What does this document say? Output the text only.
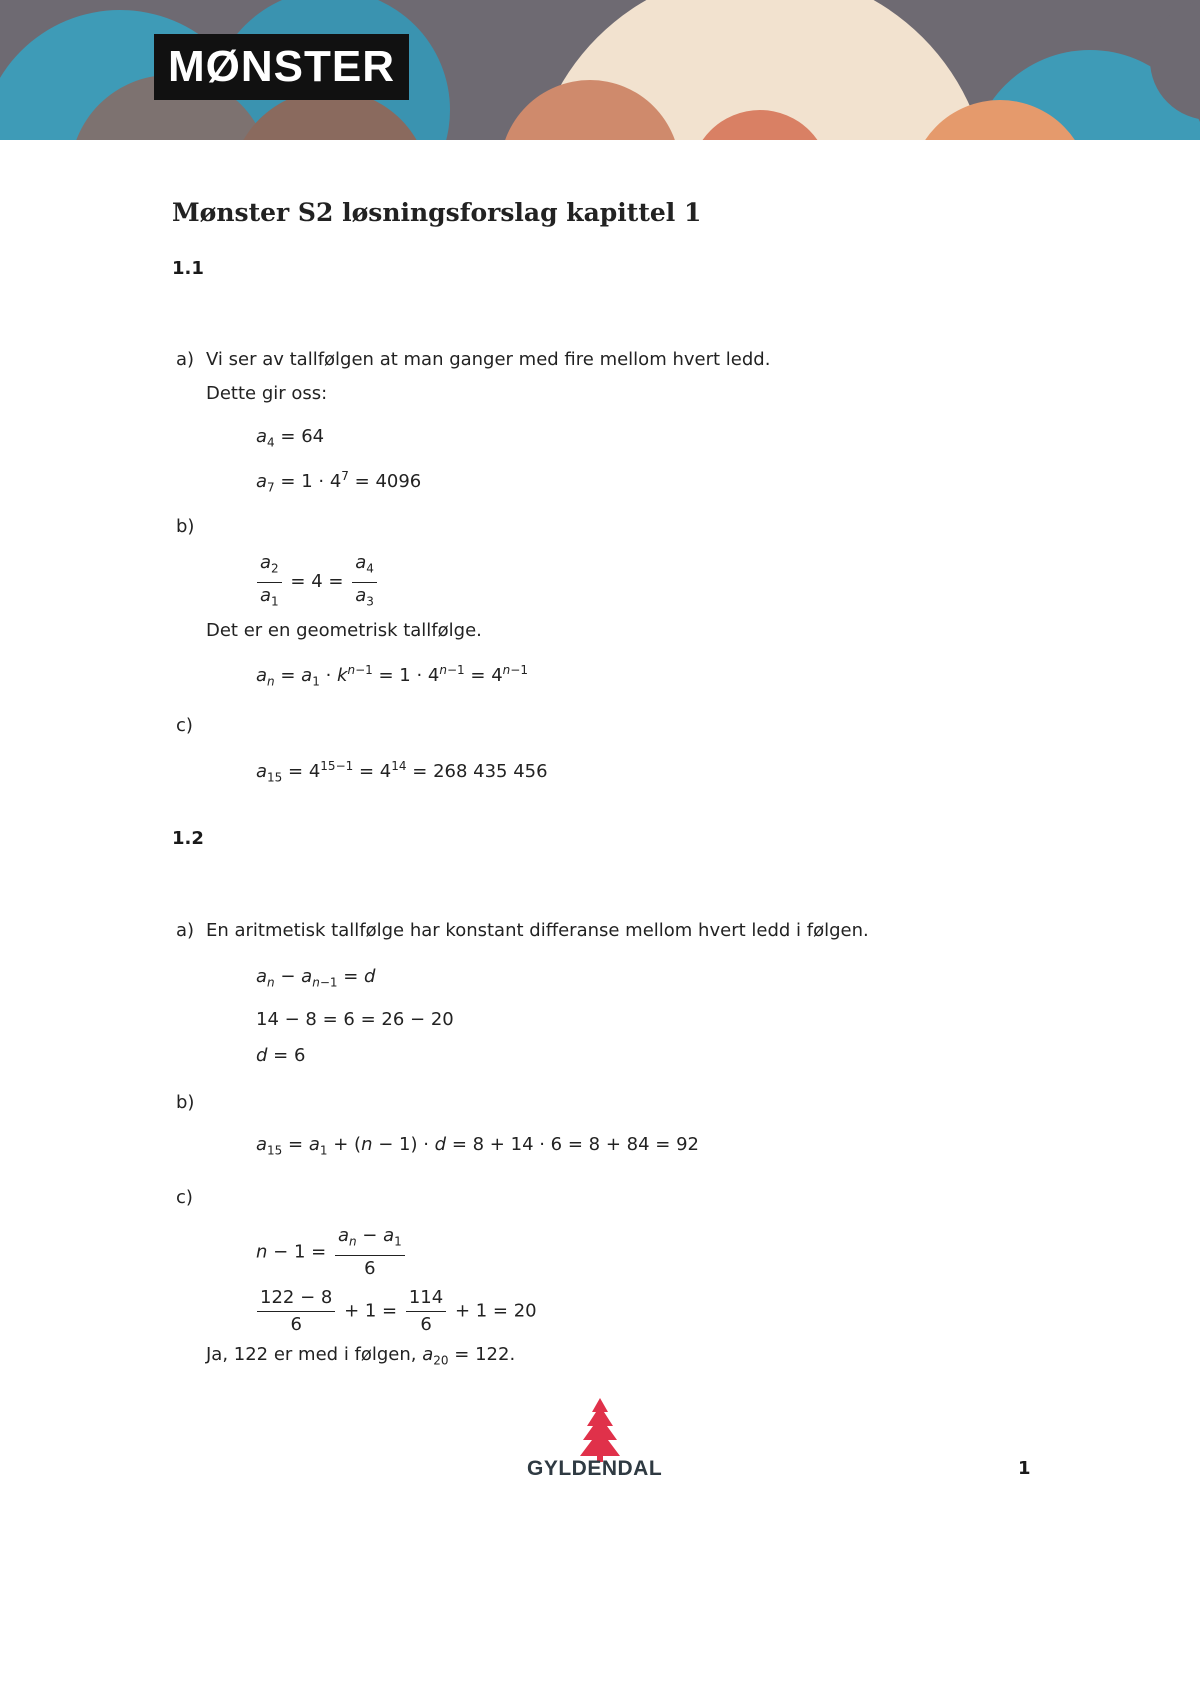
MØNSTER
Mønster S2 løsningsforslag kapittel 1
1.1
a) Vi ser av tallfølgen at man ganger med fire mellom hvert ledd.
Dette gir oss:
$a_4 = 64$
$a_7 = 1 \cdot 4^7 = 4096$
b)
$\frac{a_2}{a_1} = 4 = \frac{a_4}{a_3}$
Det er en geometrisk tallfølge.
$a_n = a_1 \cdot k^{n-1} = 1 \cdot 4^{n-1} = 4^{n-1}$
c)
$a_{15} = 4^{15-1} = 4^{14} = 268$ 435 456
1.2
a) En aritmetisk tallfølge har konstant differanse mellom hvert ledd i følgen.
$a_n - a_{n-1} = d$
14 − 8 = 6 = 26 − 20
d = 6
b)
$a_{15} = a_1 + (n - 1) \cdot d = 8 + 14 \cdot 6 = 8 + 84 = 92$
c)
$n - 1 = \frac{a_n - a_1}{6}$
$\frac{122 - 8}{6} + 1 = \frac{114}{6} + 1 = 20$
Ja, 122 er med i følgen, $a_{20} = 122$.
GYLDENDAL	1
